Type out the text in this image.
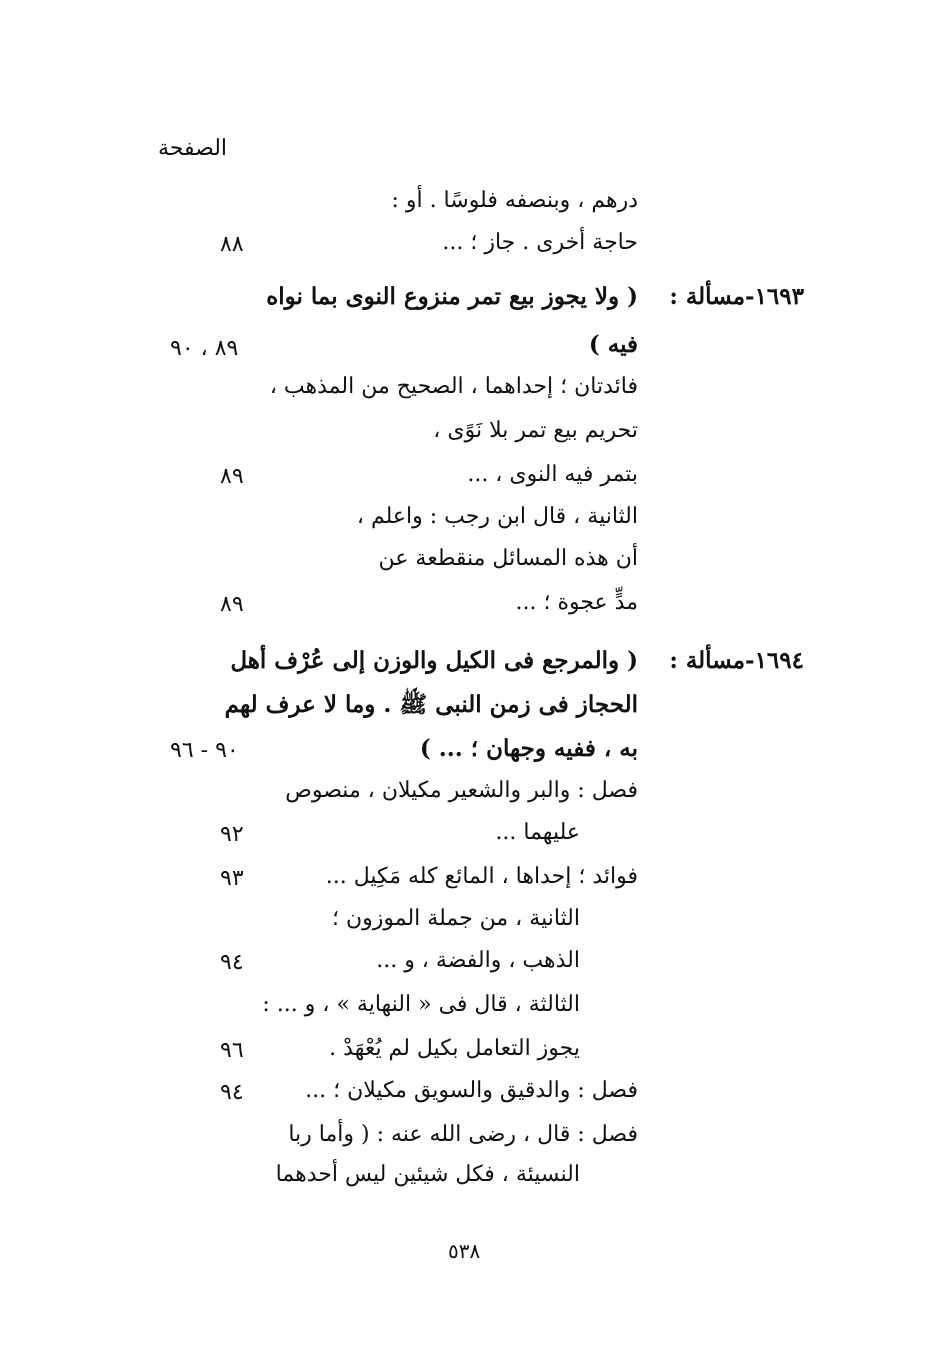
الصفحة
درهم ، وبنصفه فلوسًا . أو :
حاجة أخرى . جاز ؛ ...
٨٨
١٦٩٣-مسألة :
( ولا يجوز بيع تمر منزوع النوى بما نواه
فيه )
٨٩ ، ٩٠
فائدتان ؛ إحداهما ، الصحيح من المذهب ،
تحريم بيع تمر بلا نَوًى ،
بتمر فيه النوى ، ...
٨٩
الثانية ، قال ابن رجب : واعلم ،
أن هذه المسائل منقطعة عن
مدٍّ عجوة ؛ ...
٨٩
١٦٩٤-مسألة :
( والمرجع فى الكيل والوزن إلى عُرْف أهل
الحجاز فى زمن النبى ﷺ . وما لا عرف لهم
به ، ففيه وجهان ؛ ... )
٩٠ - ٩٦
فصل : والبر والشعير مكيلان ، منصوص
عليهما ...
٩٢
فوائد ؛ إحداها ، المائع كله مَكِيل ...
٩٣
الثانية ، من جملة الموزون ؛
الذهب ، والفضة ، و ...
٩٤
الثالثة ، قال فى « النهاية » ، و ... :
يجوز التعامل بكيل لم يُعْهَدْ .
٩٦
فصل : والدقيق والسويق مكيلان ؛ ...
٩٤
فصل : قال ، رضى الله عنه : ( وأما ربا
النسيئة ، فكل شيئين ليس أحدهما
٥٣٨
